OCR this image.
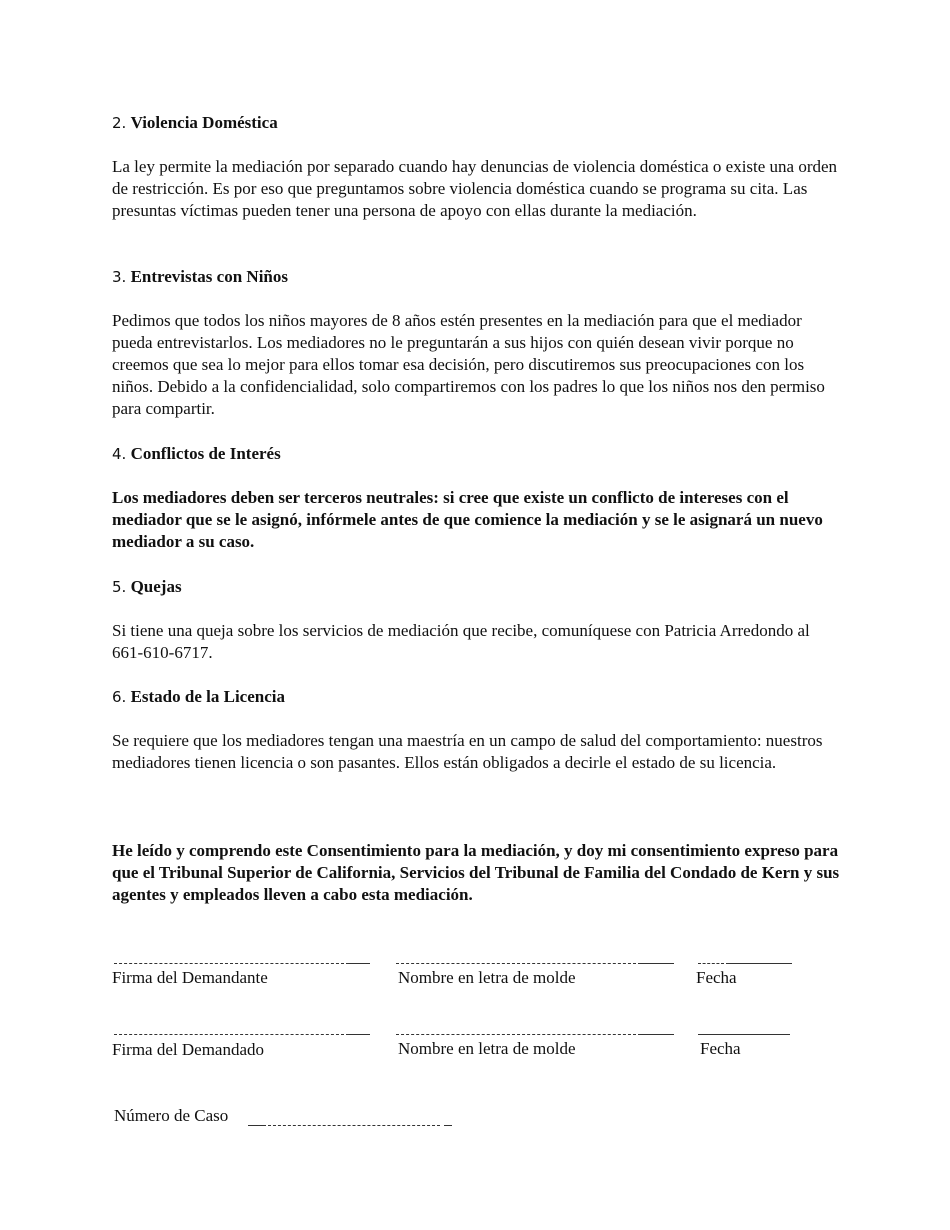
2. Violencia Doméstica

La ley permite la mediación por separado cuando hay denuncias de violencia doméstica o existe una orden de restricción. Es por eso que preguntamos sobre violencia doméstica cuando se programa su cita. Las presuntas víctimas pueden tener una persona de apoyo con ellas durante la mediación.

3. Entrevistas con Niños

Pedimos que todos los niños mayores de 8 años estén presentes en la mediación para que el mediador pueda entrevistarlos. Los mediadores no le preguntarán a sus hijos con quién desean vivir porque no creemos que sea lo mejor para ellos tomar esa decisión, pero discutiremos sus preocupaciones con los niños. Debido a la confidencialidad, solo compartiremos con los padres lo que los niños nos den permiso para compartir.

4. Conflictos de Interés

Los mediadores deben ser terceros neutrales: si cree que existe un conflicto de intereses con el mediador que se le asignó, infórmele antes de que comience la mediación y se le asignará un nuevo mediador a su caso.

5. Quejas

Si tiene una queja sobre los servicios de mediación que recibe, comuníquese con Patricia Arredondo al 661-610-6717.

6. Estado de la Licencia

Se requiere que los mediadores tengan una maestría en un campo de salud del comportamiento: nuestros mediadores tienen licencia o son pasantes. Ellos están obligados a decirle el estado de su licencia.

He leído y comprendo este Consentimiento para la mediación, y doy mi consentimiento expreso para que el Tribunal Superior de California, Servicios del Tribunal de Familia del Condado de Kern y sus agentes y empleados lleven a cabo esta mediación.

Firma del Demandante	Nombre en letra de molde	Fecha
Firma del Demandado	Nombre en letra de molde	Fecha
Número de Caso
